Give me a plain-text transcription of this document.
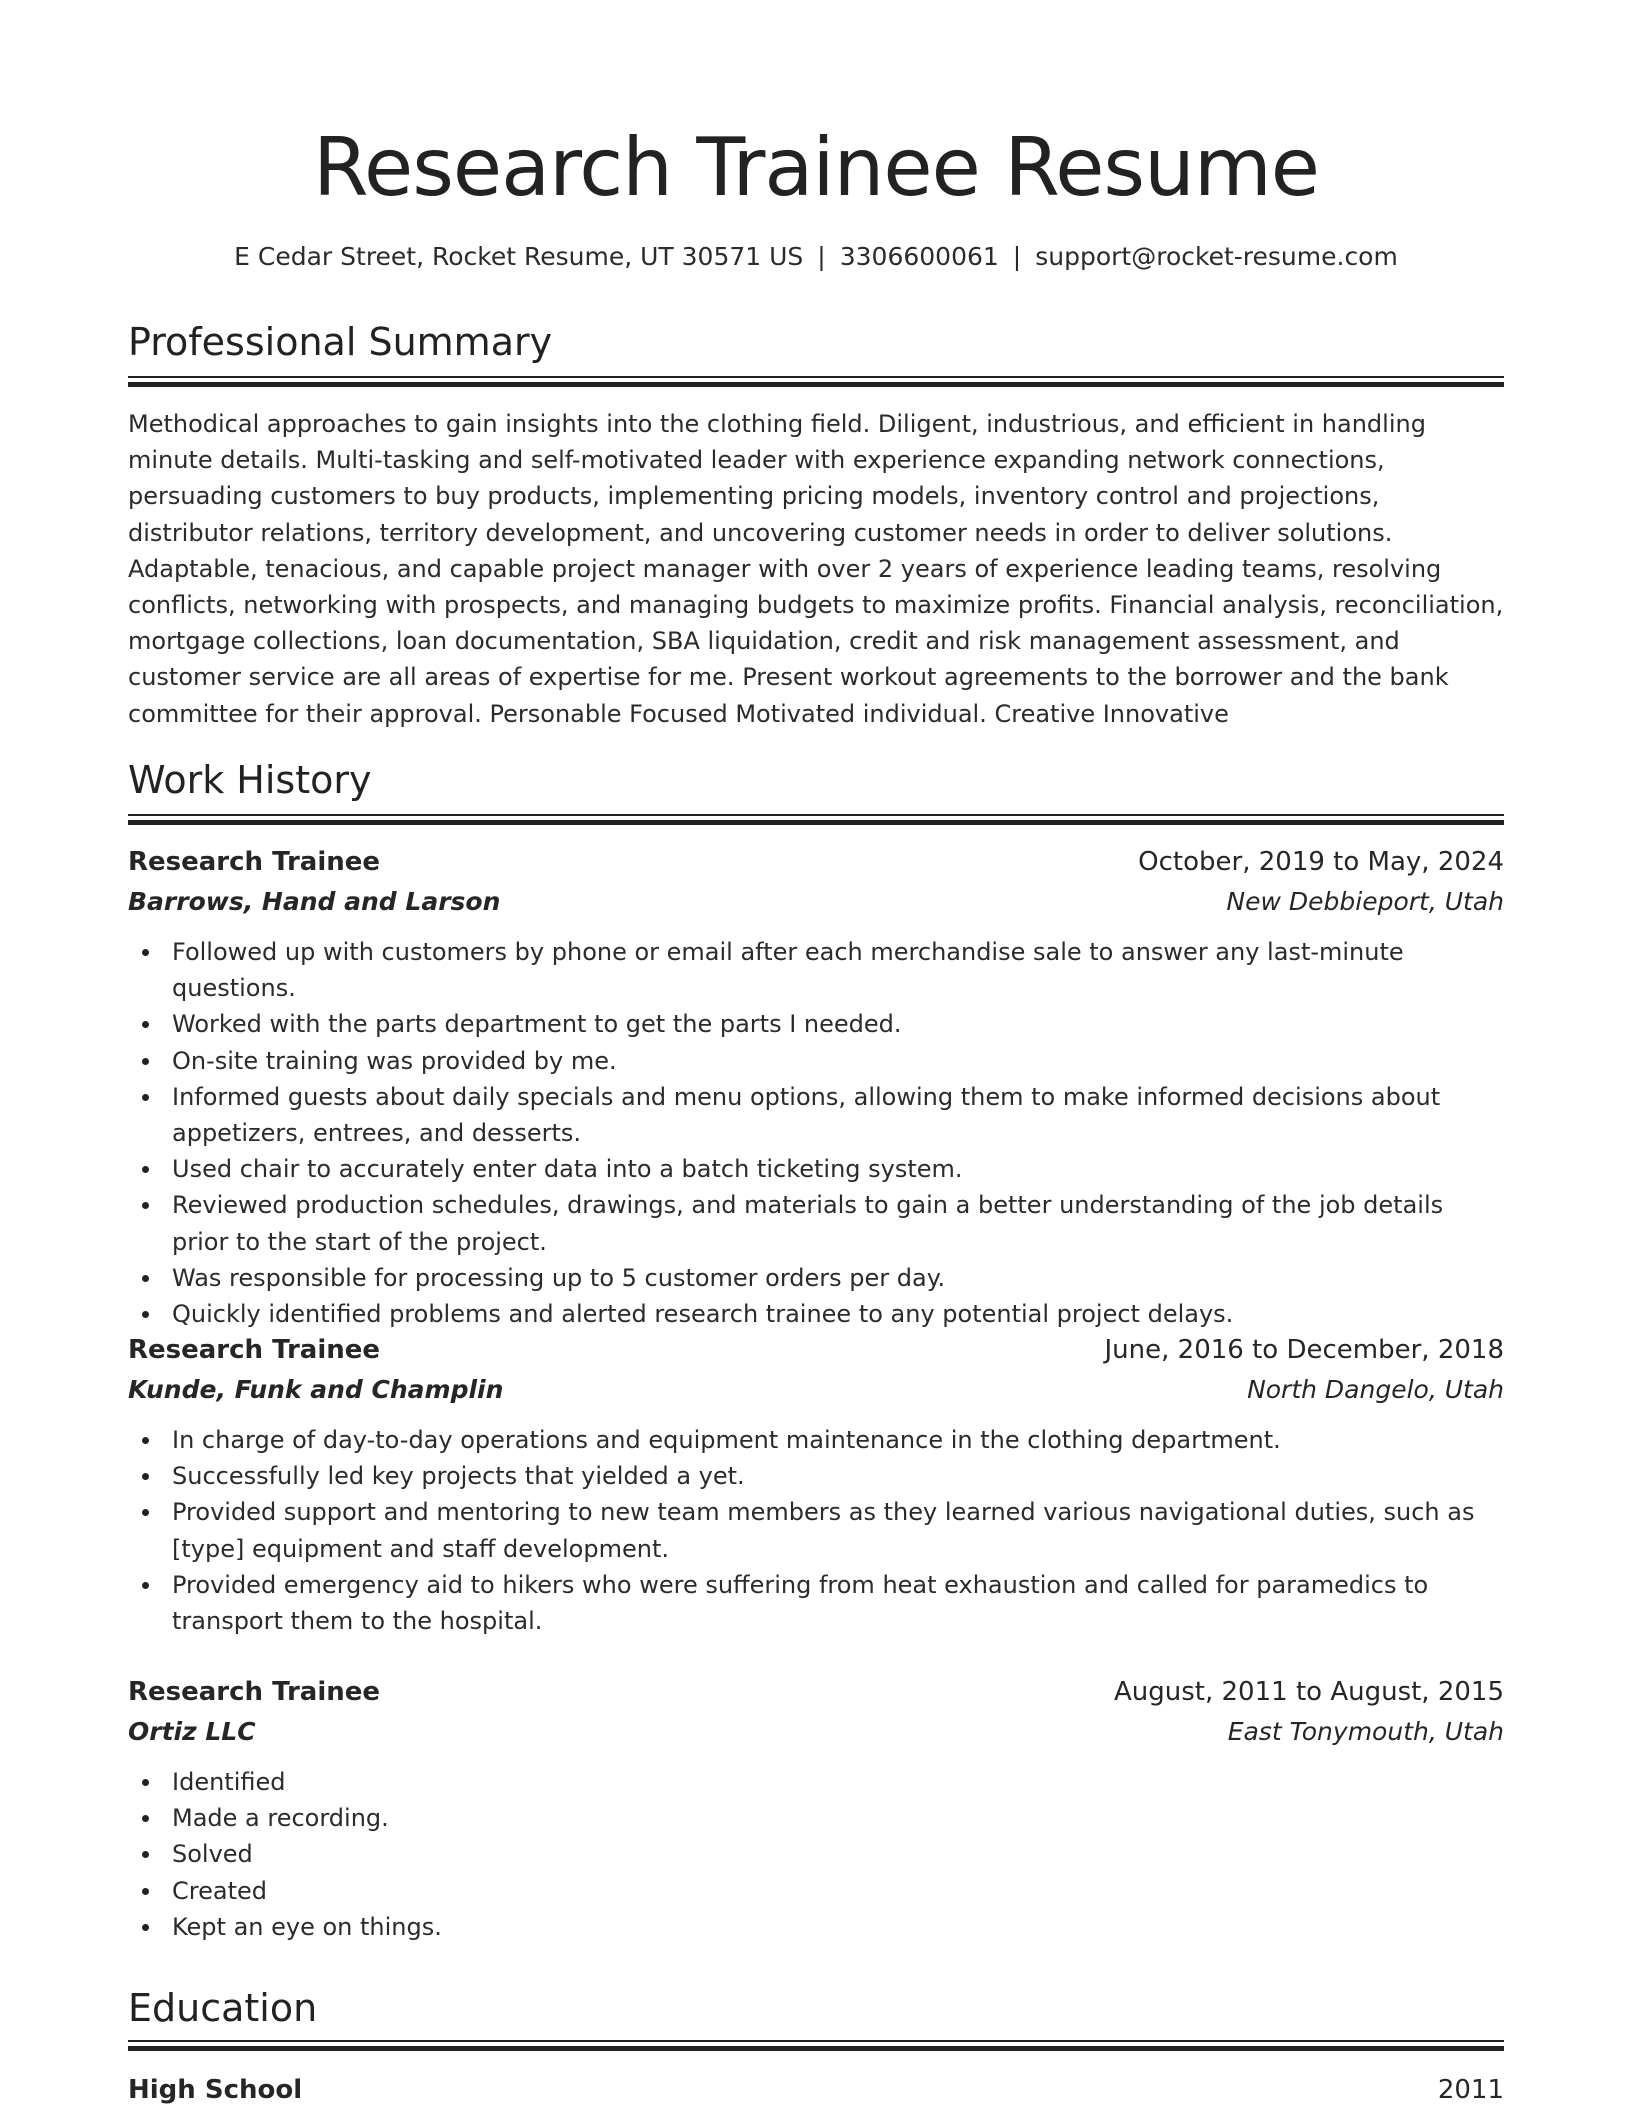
Research Trainee Resume
E Cedar Street, Rocket Resume, UT 30571 US | 3306600061 | support@rocket-resume.com
Professional Summary

Methodical approaches to gain insights into the clothing field. Diligent, industrious, and efficient in handling minute details. Multi-tasking and self-motivated leader with experience expanding network connections, persuading customers to buy products, implementing pricing models, inventory control and projections, distributor relations, territory development, and uncovering customer needs in order to deliver solutions. Adaptable, tenacious, and capable project manager with over 2 years of experience leading teams, resolving conflicts, networking with prospects, and managing budgets to maximize profits. Financial analysis, reconciliation, mortgage collections, loan documentation, SBA liquidation, credit and risk management assessment, and customer service are all areas of expertise for me. Present workout agreements to the borrower and the bank committee for their approval. Personable Focused Motivated individual. Creative Innovative

Work History
Research Trainee	October, 2019 to May, 2024
Barrows, Hand and Larson	New Debbieport, Utah
Followed up with customers by phone or email after each merchandise sale to answer any last-minute questions.
Worked with the parts department to get the parts I needed.
On-site training was provided by me.
Informed guests about daily specials and menu options, allowing them to make informed decisions about appetizers, entrees, and desserts.
Used chair to accurately enter data into a batch ticketing system.
Reviewed production schedules, drawings, and materials to gain a better understanding of the job details prior to the start of the project.
Was responsible for processing up to 5 customer orders per day.
Quickly identified problems and alerted research trainee to any potential project delays.
Research Trainee	June, 2016 to December, 2018
Kunde, Funk and Champlin	North Dangelo, Utah
In charge of day-to-day operations and equipment maintenance in the clothing department.
Successfully led key projects that yielded a yet.
Provided support and mentoring to new team members as they learned various navigational duties, such as [type] equipment and staff development.
Provided emergency aid to hikers who were suffering from heat exhaustion and called for paramedics to transport them to the hospital.
Research Trainee	August, 2011 to August, 2015
Ortiz LLC	East Tonymouth, Utah
Identified
Made a recording.
Solved
Created
Kept an eye on things.
Education
High School	2011
